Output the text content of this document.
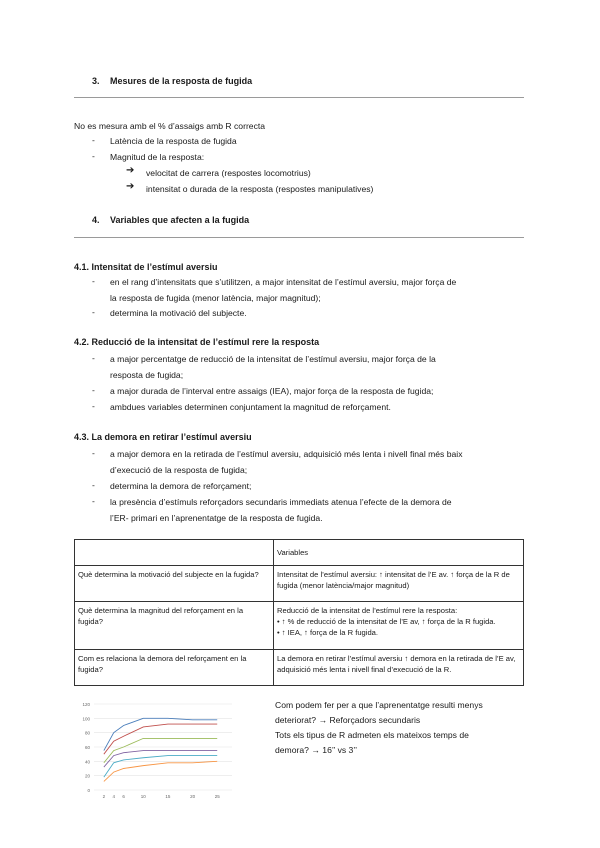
3. Mesures de la resposta de fugida
No es mesura amb el % d’assaigs amb R correcta
- Latència de la resposta de fugida
- Magnitud de la resposta:
➔ velocitat de carrera (respostes locomotrius)
➔ intensitat o durada de la resposta (respostes manipulatives)
4. Variables que afecten a la fugida
4.1. Intensitat de l’estímul aversiu
- en el rang d’intensitats que s’utilitzen, a major intensitat de l’estímul aversiu, major força de
la resposta de fugida (menor latència, major magnitud);
- determina la motivació del subjecte.
4.2. Reducció de la intensitat de l’estímul rere la resposta
- a major percentatge de reducció de la intensitat de l’estímul aversiu, major força de la
resposta de fugida;
- a major durada de l’interval entre assaigs (IEA), major força de la resposta de fugida;
- ambdues variables determinen conjuntament la magnitud de reforçament.
4.3. La demora en retirar l’estímul aversiu
- a major demora en la retirada de l’estímul aversiu, adquisició més lenta i nivell final més baix
d’execució de la resposta de fugida;
- determina la demora de reforçament;
- la presència d’estímuls reforçadors secundaris immediats atenua l’efecte de la demora de
l’ER- primari en l’aprenentatge de la resposta de fugida.
	Variables
Què determina la motivació del subjecte en la fugida?	Intensitat de l’estímul aversiu: ↑ intensitat de l’E av. ↑ força de la R de fugida (menor latència/major magnitud)
Què determina la magnitud del reforçament en la fugida?	Reducció de la intensitat de l’estímul rere la resposta:
• ↑ % de reducció de la intensitat de l’E av, ↑ força de la R fugida.
• ↑ IEA, ↑ força de la R fugida.

Com es relaciona la demora del reforçament en la fugida?	La demora en retirar l’estímul aversiu ↑ demora en la retirada de l’E av, adquisició més lenta i nivell final d’execució de la R.
0
20
40
60
80
100
120
2 4 6	10	15	20	25
Com podem fer per a que l’aprenentatge resulti menys
deteriorat? → Reforçadors secundaris
Tots els tipus de R admeten els mateixos temps de
demora? → 16’’ vs 3’’
